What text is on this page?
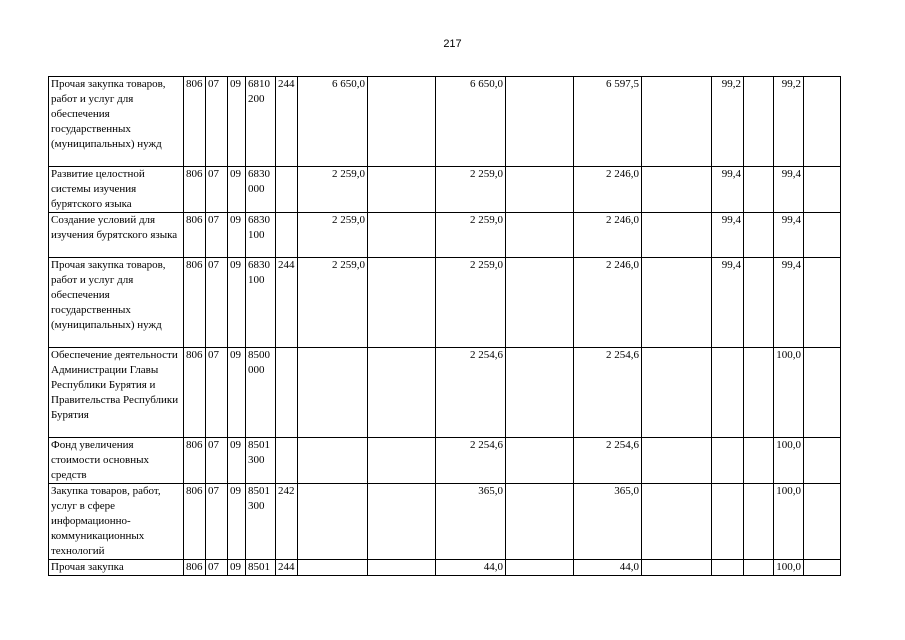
217
Прочая закупка товаров, работ и услуг для обеспечения государственных (муниципальных) нужд	806	07	09	6810 200	244	6 650,0		6 650,0		6 597,5		99,2		99,2	
Развитие целостной системы изучения бурятского языка	806	07	09	6830 000		2 259,0		2 259,0		2 246,0		99,4		99,4	
Создание условий для изучения бурятского языка	806	07	09	6830 100		2 259,0		2 259,0		2 246,0		99,4		99,4	
Прочая закупка товаров, работ и услуг для обеспечения государственных (муниципальных) нужд	806	07	09	6830 100	244	2 259,0		2 259,0		2 246,0		99,4		99,4	
Обеспечение деятельности Администрации Главы Республики Бурятия и Правительства Республики Бурятия	806	07	09	8500 000				2 254,6		2 254,6				100,0	
Фонд увеличения стоимости основных средств	806	07	09	8501 300				2 254,6		2 254,6				100,0	
Закупка товаров, работ, услуг в сфере информационно-коммуникационных технологий	806	07	09	8501 300	242			365,0		365,0				100,0	
Прочая закупка	806	07	09	8501	244			44,0		44,0				100,0	
